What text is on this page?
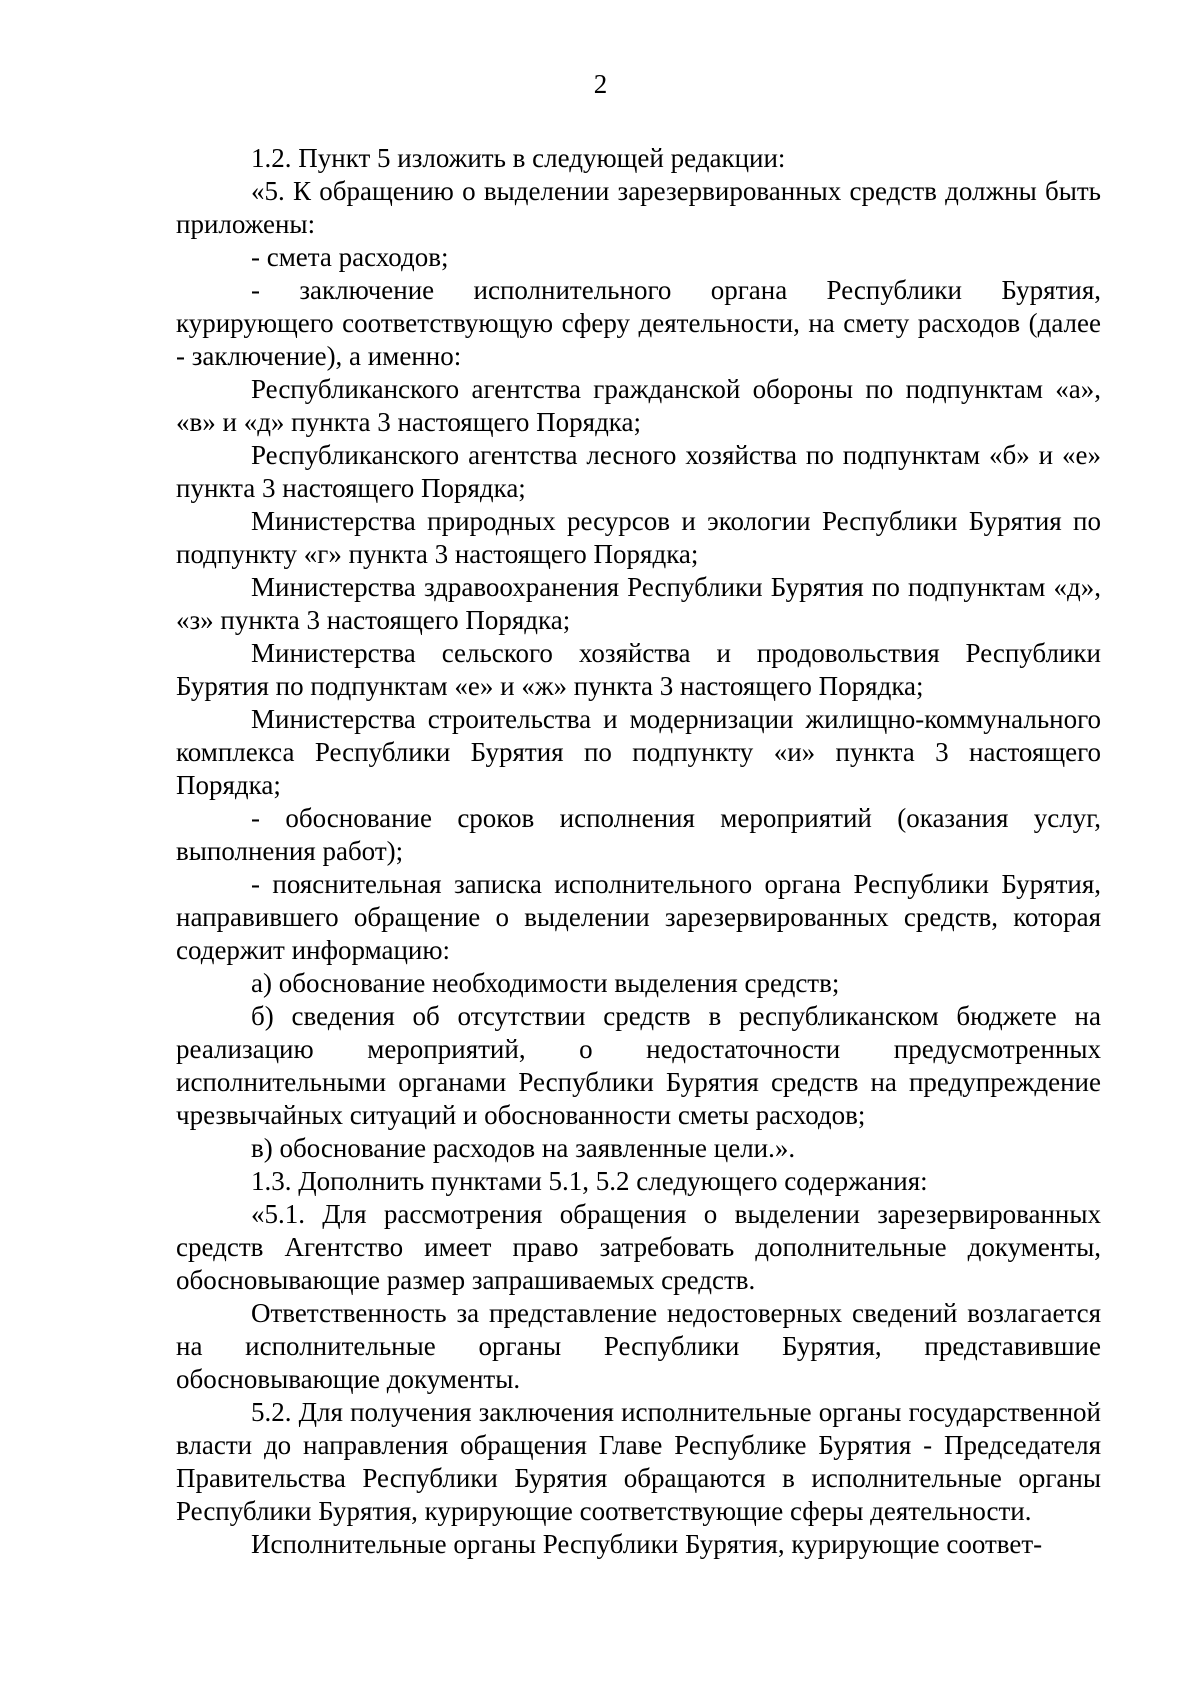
2

1.2. Пункт 5 изложить в следующей редакции:

«5. К обращению о выделении зарезервированных средств должны быть приложены:

- смета расходов;

- заключение исполнительного органа Республики Бурятия, курирующего соответствующую сферу деятельности, на смету расходов (далее - заключение), а именно:

Республиканского агентства гражданской обороны по подпунктам «а», «в» и «д» пункта 3 настоящего Порядка;

Республиканского агентства лесного хозяйства по подпунктам «б» и «е» пункта 3 настоящего Порядка;

Министерства природных ресурсов и экологии Республики Бурятия по подпункту «г» пункта 3 настоящего Порядка;

Министерства здравоохранения Республики Бурятия по подпунктам «д», «з» пункта 3 настоящего Порядка;

Министерства сельского хозяйства и продовольствия Республики Бурятия по подпунктам «е» и «ж» пункта 3 настоящего Порядка;

Министерства строительства и модернизации жилищно-коммунального комплекса Республики Бурятия по подпункту «и» пункта 3 настоящего Порядка;

- обоснование сроков исполнения мероприятий (оказания услуг, выполнения работ);

- пояснительная записка исполнительного органа Республики Бурятия, направившего обращение о выделении зарезервированных средств, которая содержит информацию:

а) обоснование необходимости выделения средств;

б) сведения об отсутствии средств в республиканском бюджете на реализацию мероприятий, о недостаточности предусмотренных исполнительными органами Республики Бурятия средств на предупреждение чрезвычайных ситуаций и обоснованности сметы расходов;

в) обоснование расходов на заявленные цели.».

1.3. Дополнить пунктами 5.1, 5.2 следующего содержания:

«5.1. Для рассмотрения обращения о выделении зарезервированных средств Агентство имеет право затребовать дополнительные документы, обосновывающие размер запрашиваемых средств.

Ответственность за представление недостоверных сведений возлагается на исполнительные органы Республики Бурятия, представившие обосновывающие документы.

5.2. Для получения заключения исполнительные органы государственной власти до направления обращения Главе Республике Бурятия - Председателя Правительства Республики Бурятия обращаются в исполнительные органы Республики Бурятия, курирующие соответствующие сферы деятельности.

Исполнительные органы Республики Бурятия, курирующие соответ-
